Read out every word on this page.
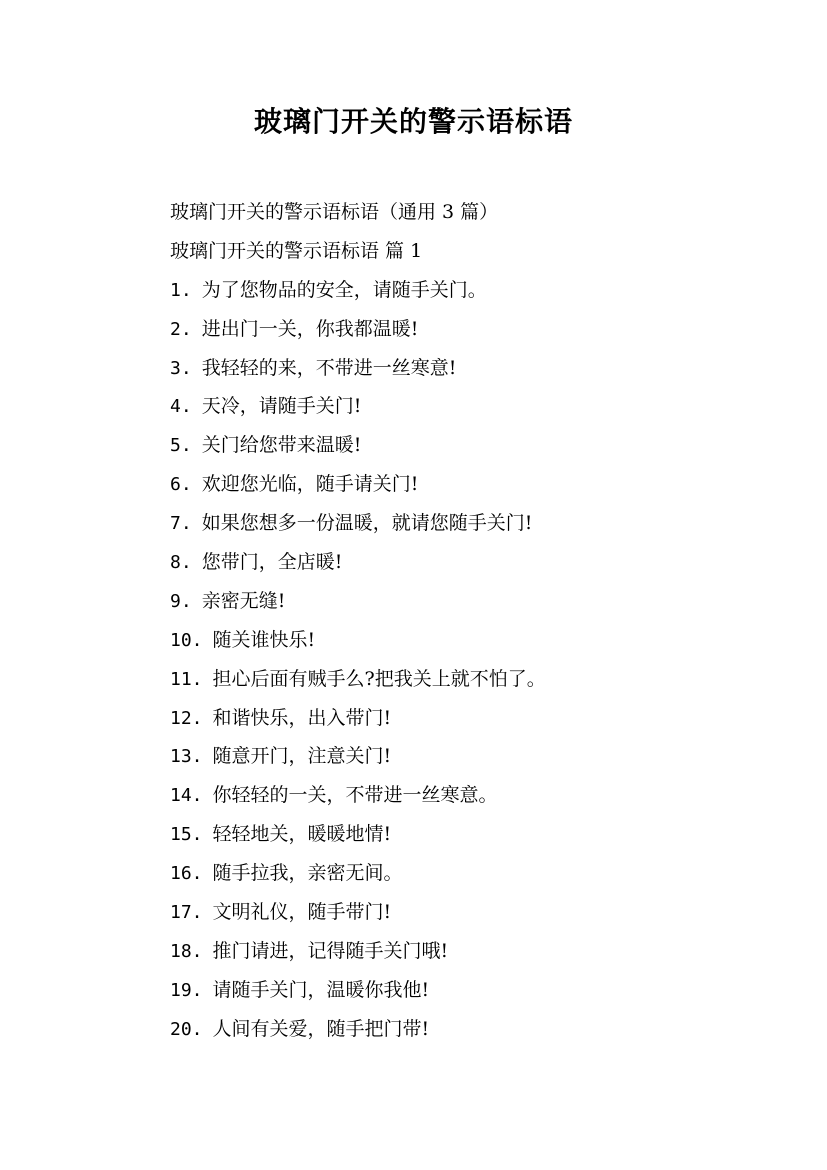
玻璃门开关的警示语标语
玻璃门开关的警示语标语（通用 3 篇）
玻璃门开关的警示语标语 篇 1
1. 为了您物品的安全，请随手关门。
2. 进出门一关，你我都温暖!
3. 我轻轻的来，不带进一丝寒意!
4. 天冷，请随手关门!
5. 关门给您带来温暖!
6. 欢迎您光临，随手请关门!
7. 如果您想多一份温暖，就请您随手关门!
8. 您带门，全店暖!
9. 亲密无缝!
10. 随关谁快乐!
11. 担心后面有贼手么?把我关上就不怕了。
12. 和谐快乐，出入带门!
13. 随意开门，注意关门!
14. 你轻轻的一关，不带进一丝寒意。
15. 轻轻地关，暖暖地情!
16. 随手拉我，亲密无间。
17. 文明礼仪，随手带门!
18. 推门请进，记得随手关门哦!
19. 请随手关门，温暖你我他!
20. 人间有关爱，随手把门带!
